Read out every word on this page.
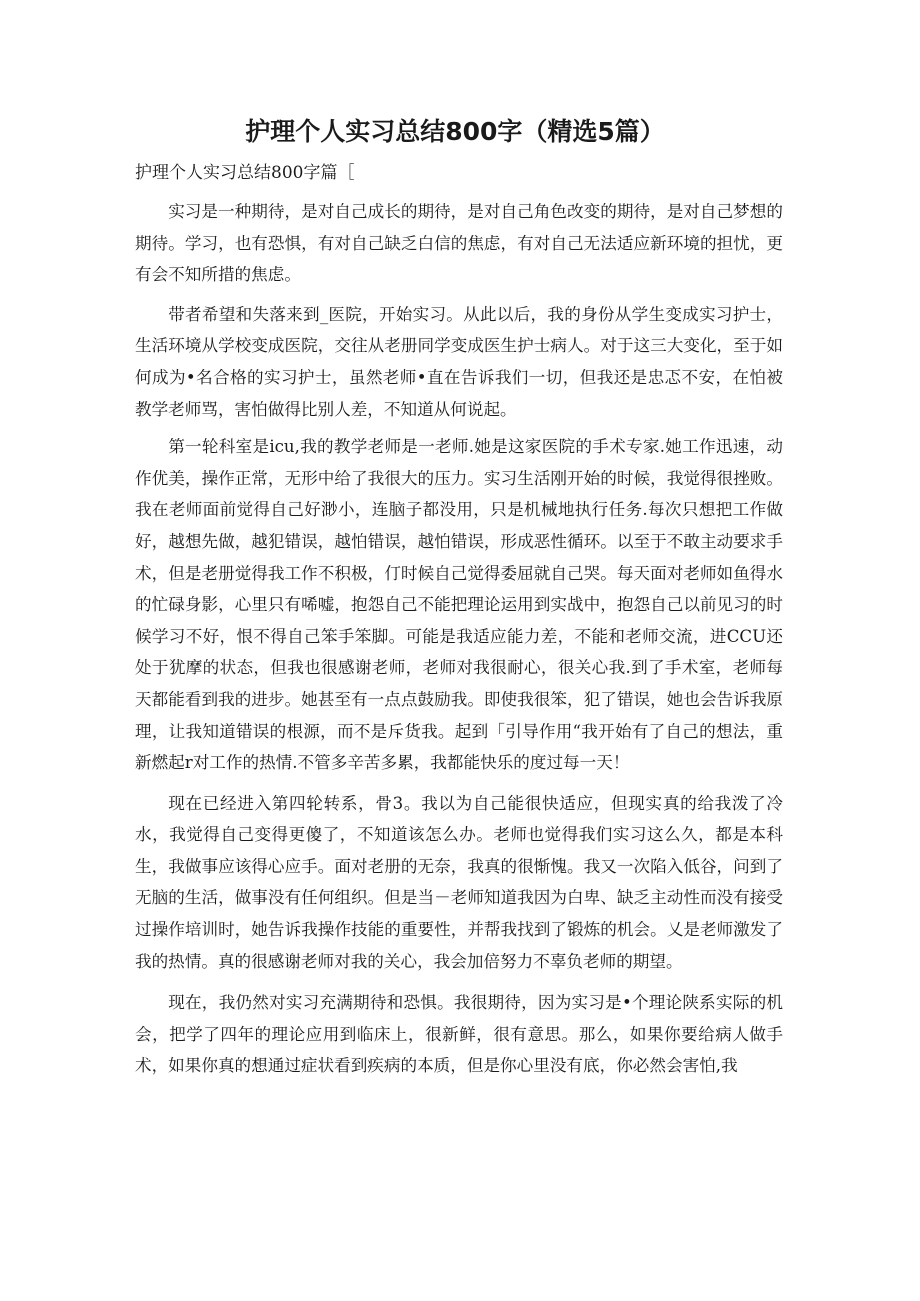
护理个人实习总结800字（精选5篇）

护理个人实习总结800字篇［

实习是一种期待，是对自己成长的期待，是对自己角色改变的期待，是对自己梦想的期待。学习，也有恐惧，有对自己缺乏白信的焦虑，有对自己无法适应新环境的担忧，更有会不知所措的焦虑。

带者希望和失落来到_医院，开始实习。从此以后，我的身份从学生变成实习护士，生活环境从学校变成医院，交往从老册同学变成医生护士病人。对于这三大变化，至于如何成为•名合格的实习护士，虽然老师•直在告诉我们一切，但我还是忠忑不安，在怕被教学老师骂，害怕做得比别人差，不知道从何说起。

第一轮科室是icu,我的教学老师是一老师.她是这家医院的手术专家.她工作迅速，动作优美，操作正常，无形中给了我很大的压力。实习生活刚开始的时候，我觉得很挫败。我在老师面前觉得自己好渺小，连脑子都没用，只是机械地执行任务.每次只想把工作做好，越想先做，越犯错误，越怕错误，越怕错误，形成恶性循环。以至于不敢主动要求手术，但是老册觉得我工作不积极，仃时候自己觉得委屈就自己哭。每天面对老师如鱼得水的忙碌身影，心里只有唏嘘，抱怨自己不能把理论运用到实战中，抱怨自己以前见习的时候学习不好，恨不得自己笨手笨脚。可能是我适应能力差，不能和老师交流，进CCU还处于犹摩的状态，但我也很感谢老师，老师对我很耐心，很关心我.到了手术室，老师每天都能看到我的进步。她甚至有一点点鼓励我。即使我很笨，犯了错误，她也会告诉我原理，让我知道错误的根源，而不是斥货我。起到「引导作用“我开始有了自己的想法，重新燃起r对工作的热情.不管多辛苦多累，我都能快乐的度过每一天！

现在已经进入第四轮转系，骨3。我以为自己能很快适应，但现实真的给我泼了冷水，我觉得自己变得更傻了，不知道该怎么办。老师也觉得我们实习这么久，都是本科生，我做事应该得心应手。面对老册的无奈，我真的很惭愧。我又一次陷入低谷，问到了无脑的生活，做事没有任何组织。但是当－老师知道我因为白卑、缺乏主动性而没有接受过操作培训时，她告诉我操作技能的重要性，并帮我找到了锻炼的机会。乂是老师激发了我的热情。真的很感谢老师对我的关心，我会加倍努力不辜负老师的期望。

现在，我仍然对实习充满期待和恐惧。我很期待，因为实习是•个理论陕系实际的机会，把学了四年的理论应用到临床上，很新鲜，很有意思。那么，如果你要给病人做手术，如果你真的想通过症状看到疾病的本质，但是你心里没有底，你必然会害怕,我
